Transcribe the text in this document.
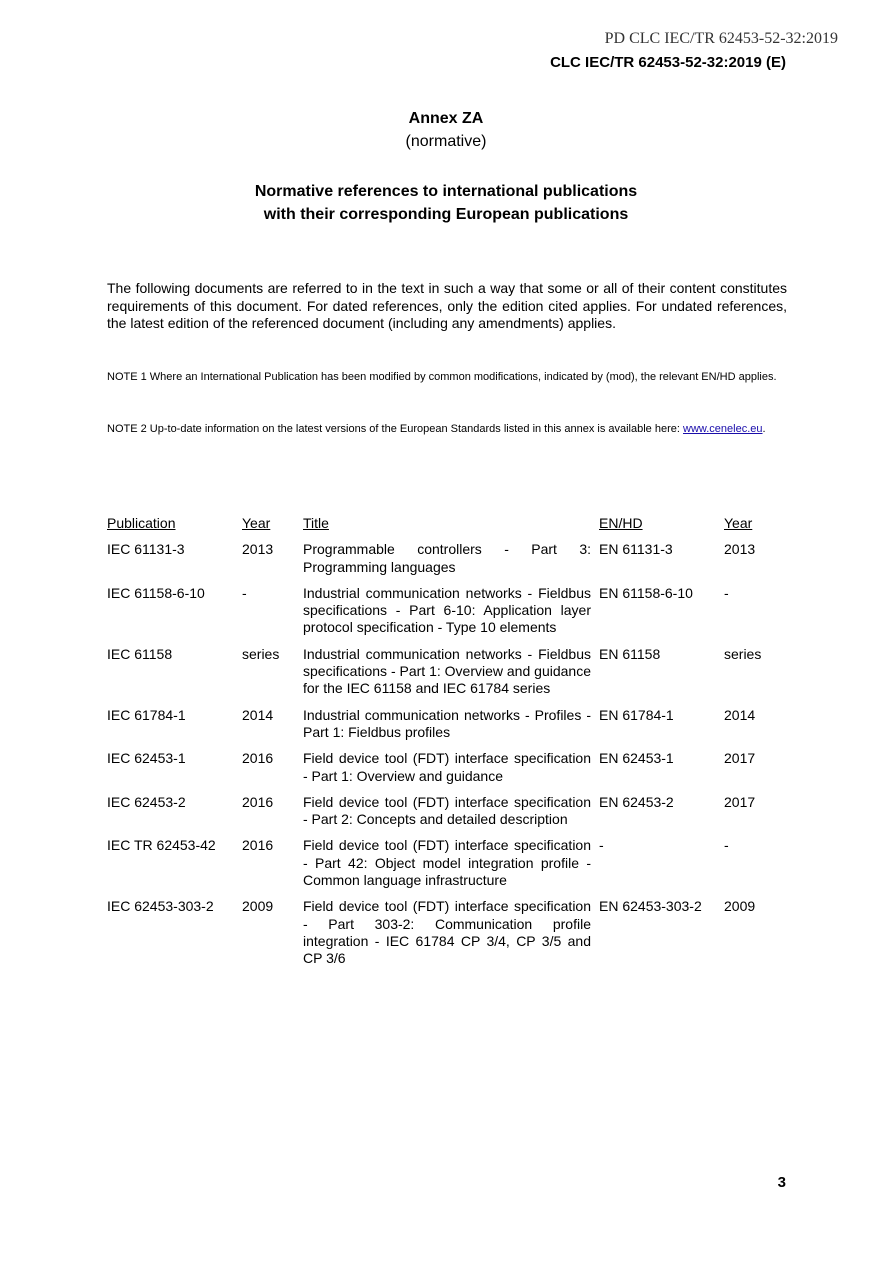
PD CLC IEC/TR 62453-52-32:2019
CLC IEC/TR 62453-52-32:2019 (E)
Annex ZA
(normative)
Normative references to international publications
with their corresponding European publications

The following documents are referred to in the text in such a way that some or all of their content constitutes requirements of this document. For dated references, only the edition cited applies. For undated references, the latest edition of the referenced document (including any amendments) applies.

NOTE 1 Where an International Publication has been modified by common modifications, indicated by (mod), the relevant EN/HD applies.

NOTE 2 Up-to-date information on the latest versions of the European Standards listed in this annex is available here: www.cenelec.eu.

Publication	Year	Title	EN/HD	Year
IEC 61131-3	2013	Programmable controllers - Part 3: Programming languages	EN 61131-3	2013
IEC 61158-6-10	-	Industrial communication networks - Fieldbus specifications - Part 6-10: Application layer protocol specification - Type 10 elements	EN 61158-6-10	-
IEC 61158	series	Industrial communication networks - Fieldbus specifications - Part 1: Overview and guidance for the IEC 61158 and IEC 61784 series	EN 61158	series
IEC 61784-1	2014	Industrial communication networks - Profiles - Part 1: Fieldbus profiles	EN 61784-1	2014
IEC 62453-1	2016	Field device tool (FDT) interface specification - Part 1: Overview and guidance	EN 62453-1	2017
IEC 62453-2	2016	Field device tool (FDT) interface specification - Part 2: Concepts and detailed description	EN 62453-2	2017
IEC TR 62453-42	2016	Field device tool (FDT) interface specification - Part 42: Object model integration profile - Common language infrastructure	-	-
IEC 62453-303-2	2009	Field device tool (FDT) interface specification - Part 303-2: Communication profile integration - IEC 61784 CP 3/4, CP 3/5 and CP 3/6	EN 62453-303-2	2009
3
